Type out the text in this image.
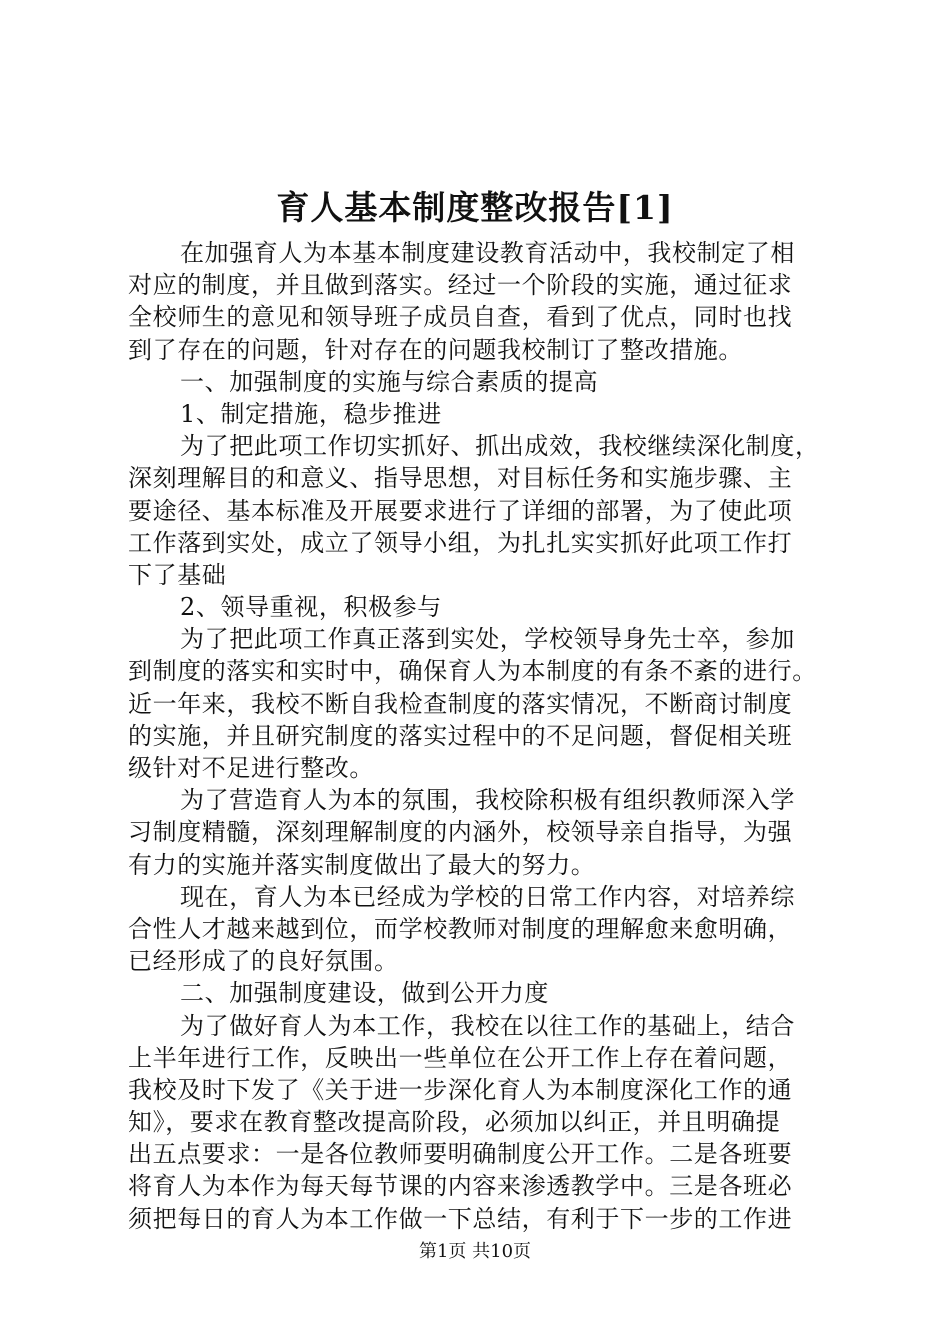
育人基本制度整改报告[1]
在加强育人为本基本制度建设教育活动中，我校制定了相
对应的制度，并且做到落实。经过一个阶段的实施，通过征求
全校师生的意见和领导班子成员自查，看到了优点，同时也找
到了存在的问题，针对存在的问题我校制订了整改措施。
一、加强制度的实施与综合素质的提高
1、制定措施，稳步推进
为了把此项工作切实抓好、抓出成效，我校继续深化制度，
深刻理解目的和意义、指导思想，对目标任务和实施步骤、主
要途径、基本标准及开展要求进行了详细的部署，为了使此项
工作落到实处，成立了领导小组，为扎扎实实抓好此项工作打
下了基础
2、领导重视，积极参与
为了把此项工作真正落到实处，学校领导身先士卒，参加
到制度的落实和实时中，确保育人为本制度的有条不紊的进行。
近一年来，我校不断自我检查制度的落实情况，不断商讨制度
的实施，并且研究制度的落实过程中的不足问题，督促相关班
级针对不足进行整改。
为了营造育人为本的氛围，我校除积极有组织教师深入学
习制度精髓，深刻理解制度的内涵外，校领导亲自指导，为强
有力的实施并落实制度做出了最大的努力。
现在，育人为本已经成为学校的日常工作内容，对培养综
合性人才越来越到位，而学校教师对制度的理解愈来愈明确，
已经形成了的良好氛围。
二、加强制度建设，做到公开力度
为了做好育人为本工作，我校在以往工作的基础上，结合
上半年进行工作，反映出一些单位在公开工作上存在着问题，
我校及时下发了《关于进一步深化育人为本制度深化工作的通
知》，要求在教育整改提高阶段，必须加以纠正，并且明确提
出五点要求：一是各位教师要明确制度公开工作。二是各班要
将育人为本作为每天每节课的内容来渗透教学中。三是各班必
须把每日的育人为本工作做一下总结，有利于下一步的工作进
第1页 共10页
